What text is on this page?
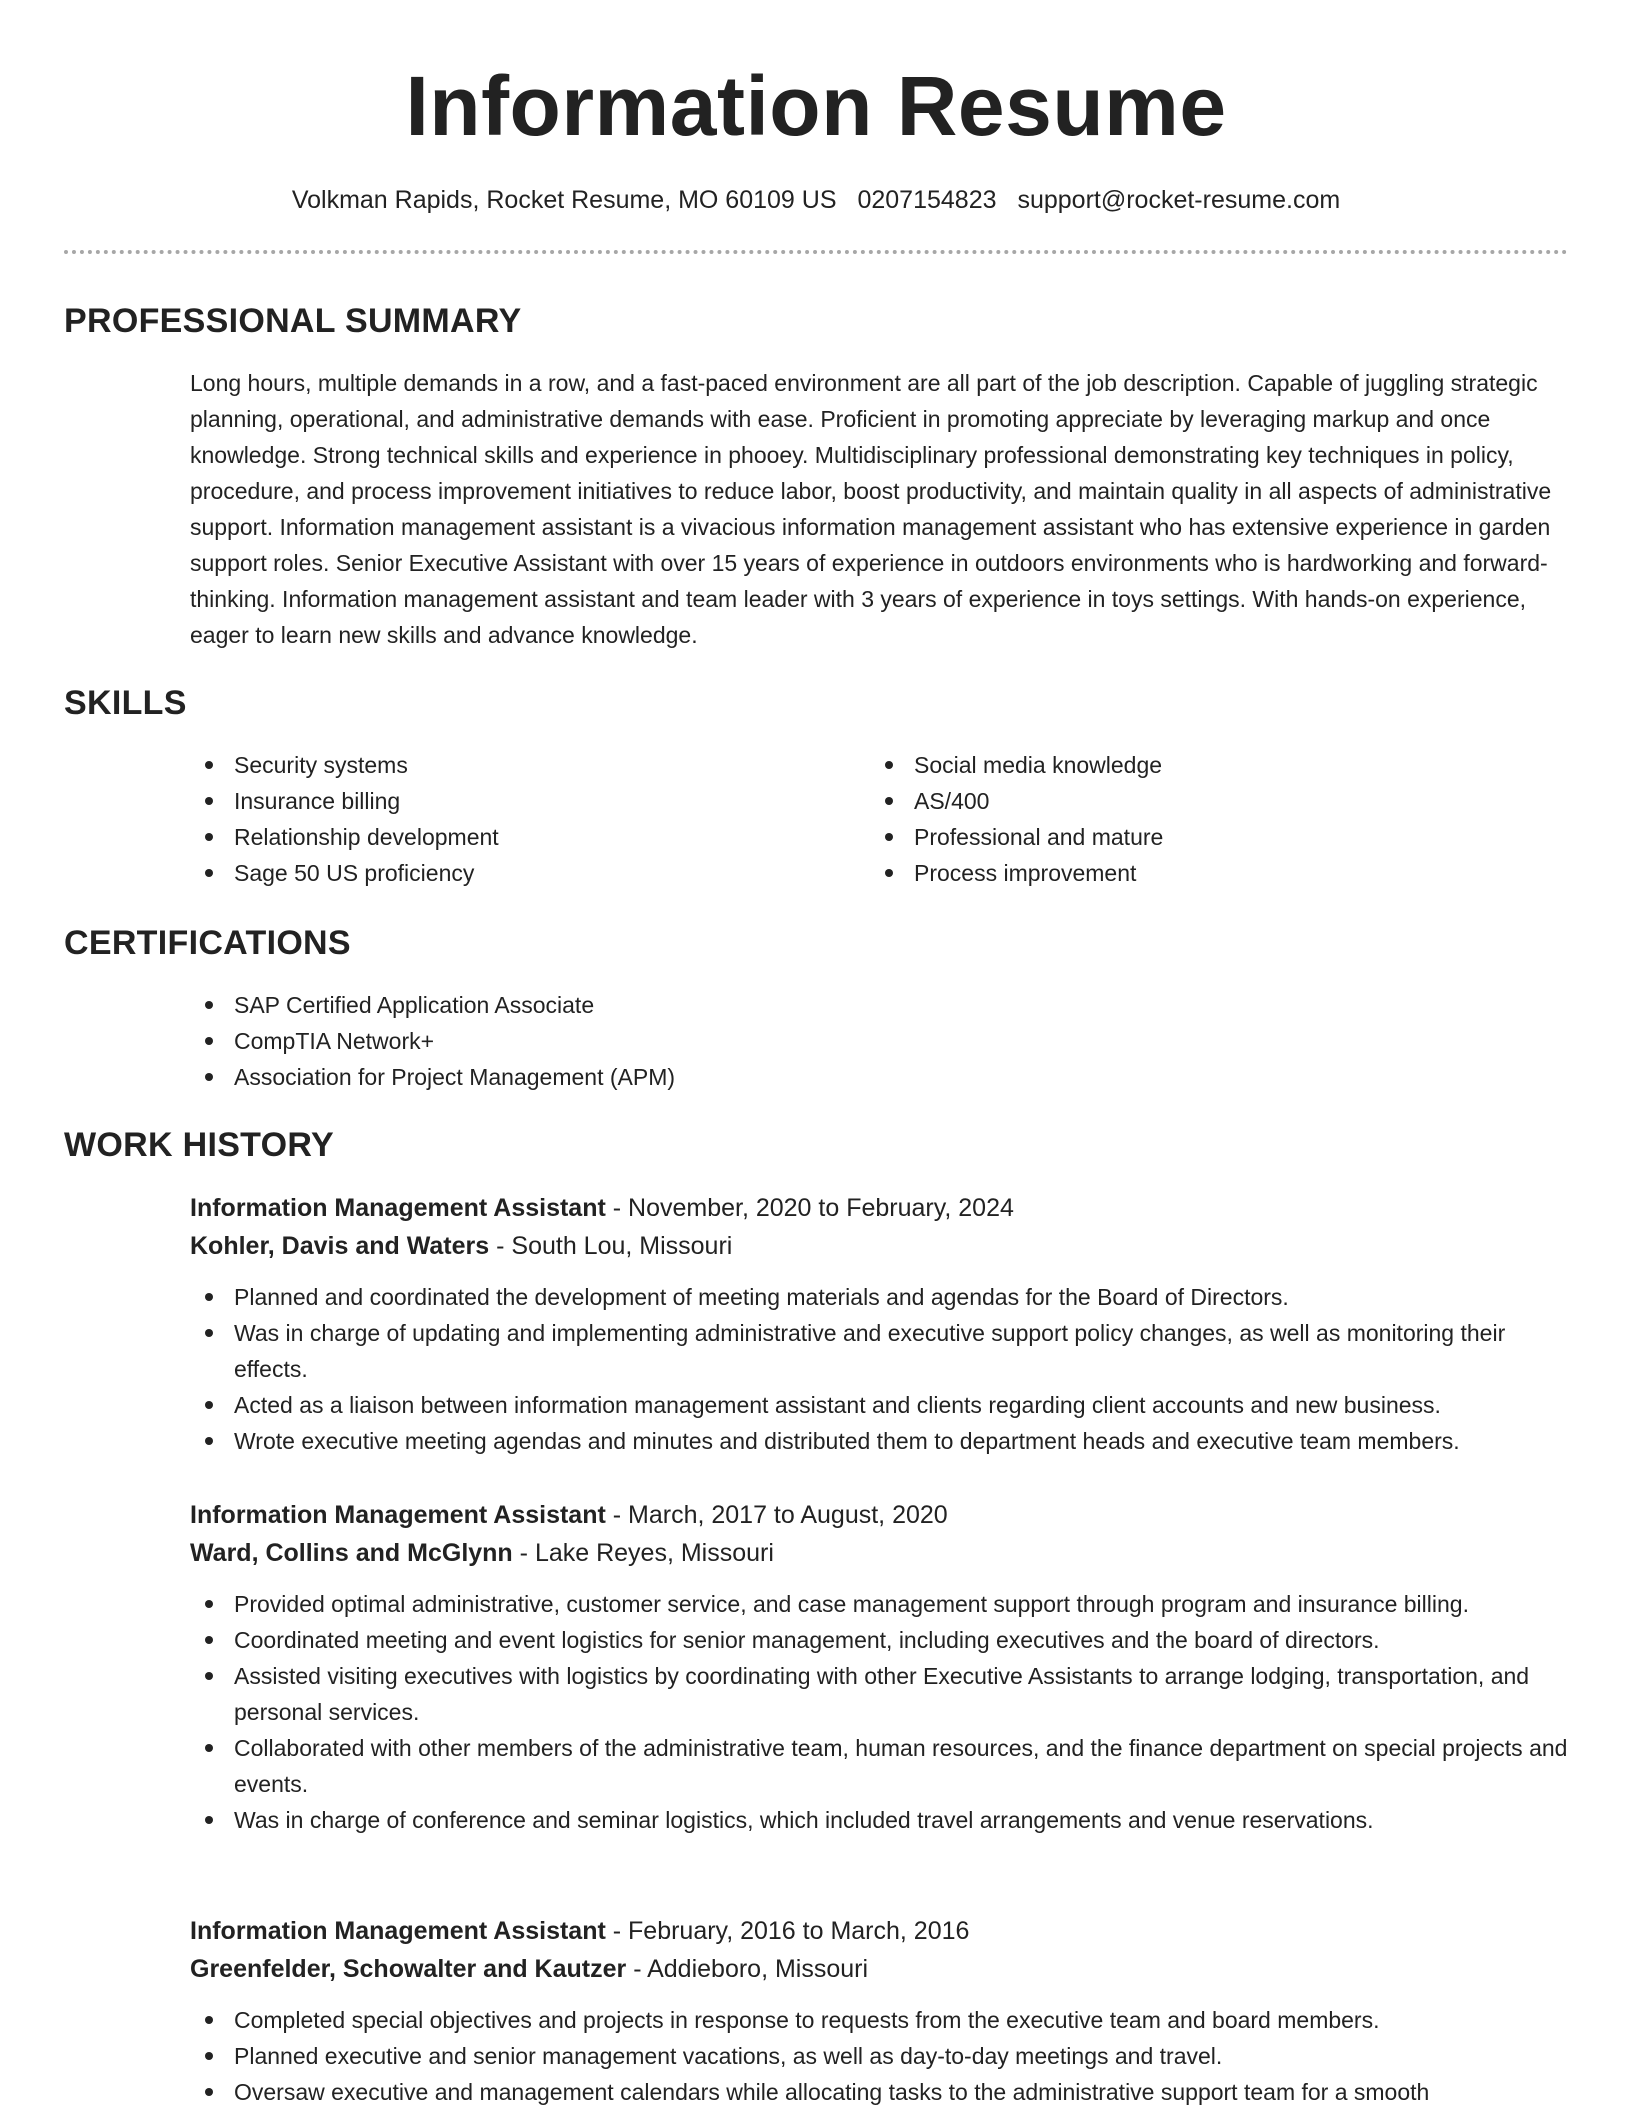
Information Resume
Volkman Rapids, Rocket Resume, MO 60109 US 0207154823 support@rocket-resume.com
PROFESSIONAL SUMMARY

Long hours, multiple demands in a row, and a fast-paced environment are all part of the job description. Capable of juggling strategic planning, operational, and administrative demands with ease. Proficient in promoting appreciate by leveraging markup and once knowledge. Strong technical skills and experience in phooey. Multidisciplinary professional demonstrating key techniques in policy, procedure, and process improvement initiatives to reduce labor, boost productivity, and maintain quality in all aspects of administrative support. Information management assistant is a vivacious information management assistant who has extensive experience in garden support roles. Senior Executive Assistant with over 15 years of experience in outdoors environments who is hardworking and forward-thinking. Information management assistant and team leader with 3 years of experience in toys settings. With hands-on experience, eager to learn new skills and advance knowledge.

SKILLS
Security systems
Insurance billing
Relationship development
Sage 50 US proficiency
Social media knowledge
AS/400
Professional and mature
Process improvement
CERTIFICATIONS
SAP Certified Application Associate
CompTIA Network+
Association for Project Management (APM)
WORK HISTORY
Information Management Assistant - November, 2020 to February, 2024
Kohler, Davis and Waters - South Lou, Missouri
Planned and coordinated the development of meeting materials and agendas for the Board of Directors.
Was in charge of updating and implementing administrative and executive support policy changes, as well as monitoring their effects.
Acted as a liaison between information management assistant and clients regarding client accounts and new business.
Wrote executive meeting agendas and minutes and distributed them to department heads and executive team members.
Information Management Assistant - March, 2017 to August, 2020
Ward, Collins and McGlynn - Lake Reyes, Missouri
Provided optimal administrative, customer service, and case management support through program and insurance billing.
Coordinated meeting and event logistics for senior management, including executives and the board of directors.
Assisted visiting executives with logistics by coordinating with other Executive Assistants to arrange lodging, transportation, and personal services.
Collaborated with other members of the administrative team, human resources, and the finance department on special projects and events.
Was in charge of conference and seminar logistics, which included travel arrangements and venue reservations.
Information Management Assistant - February, 2016 to March, 2016
Greenfelder, Schowalter and Kautzer - Addieboro, Missouri
Completed special objectives and projects in response to requests from the executive team and board members.
Planned executive and senior management vacations, as well as day-to-day meetings and travel.
Oversaw executive and management calendars while allocating tasks to the administrative support team for a smooth
